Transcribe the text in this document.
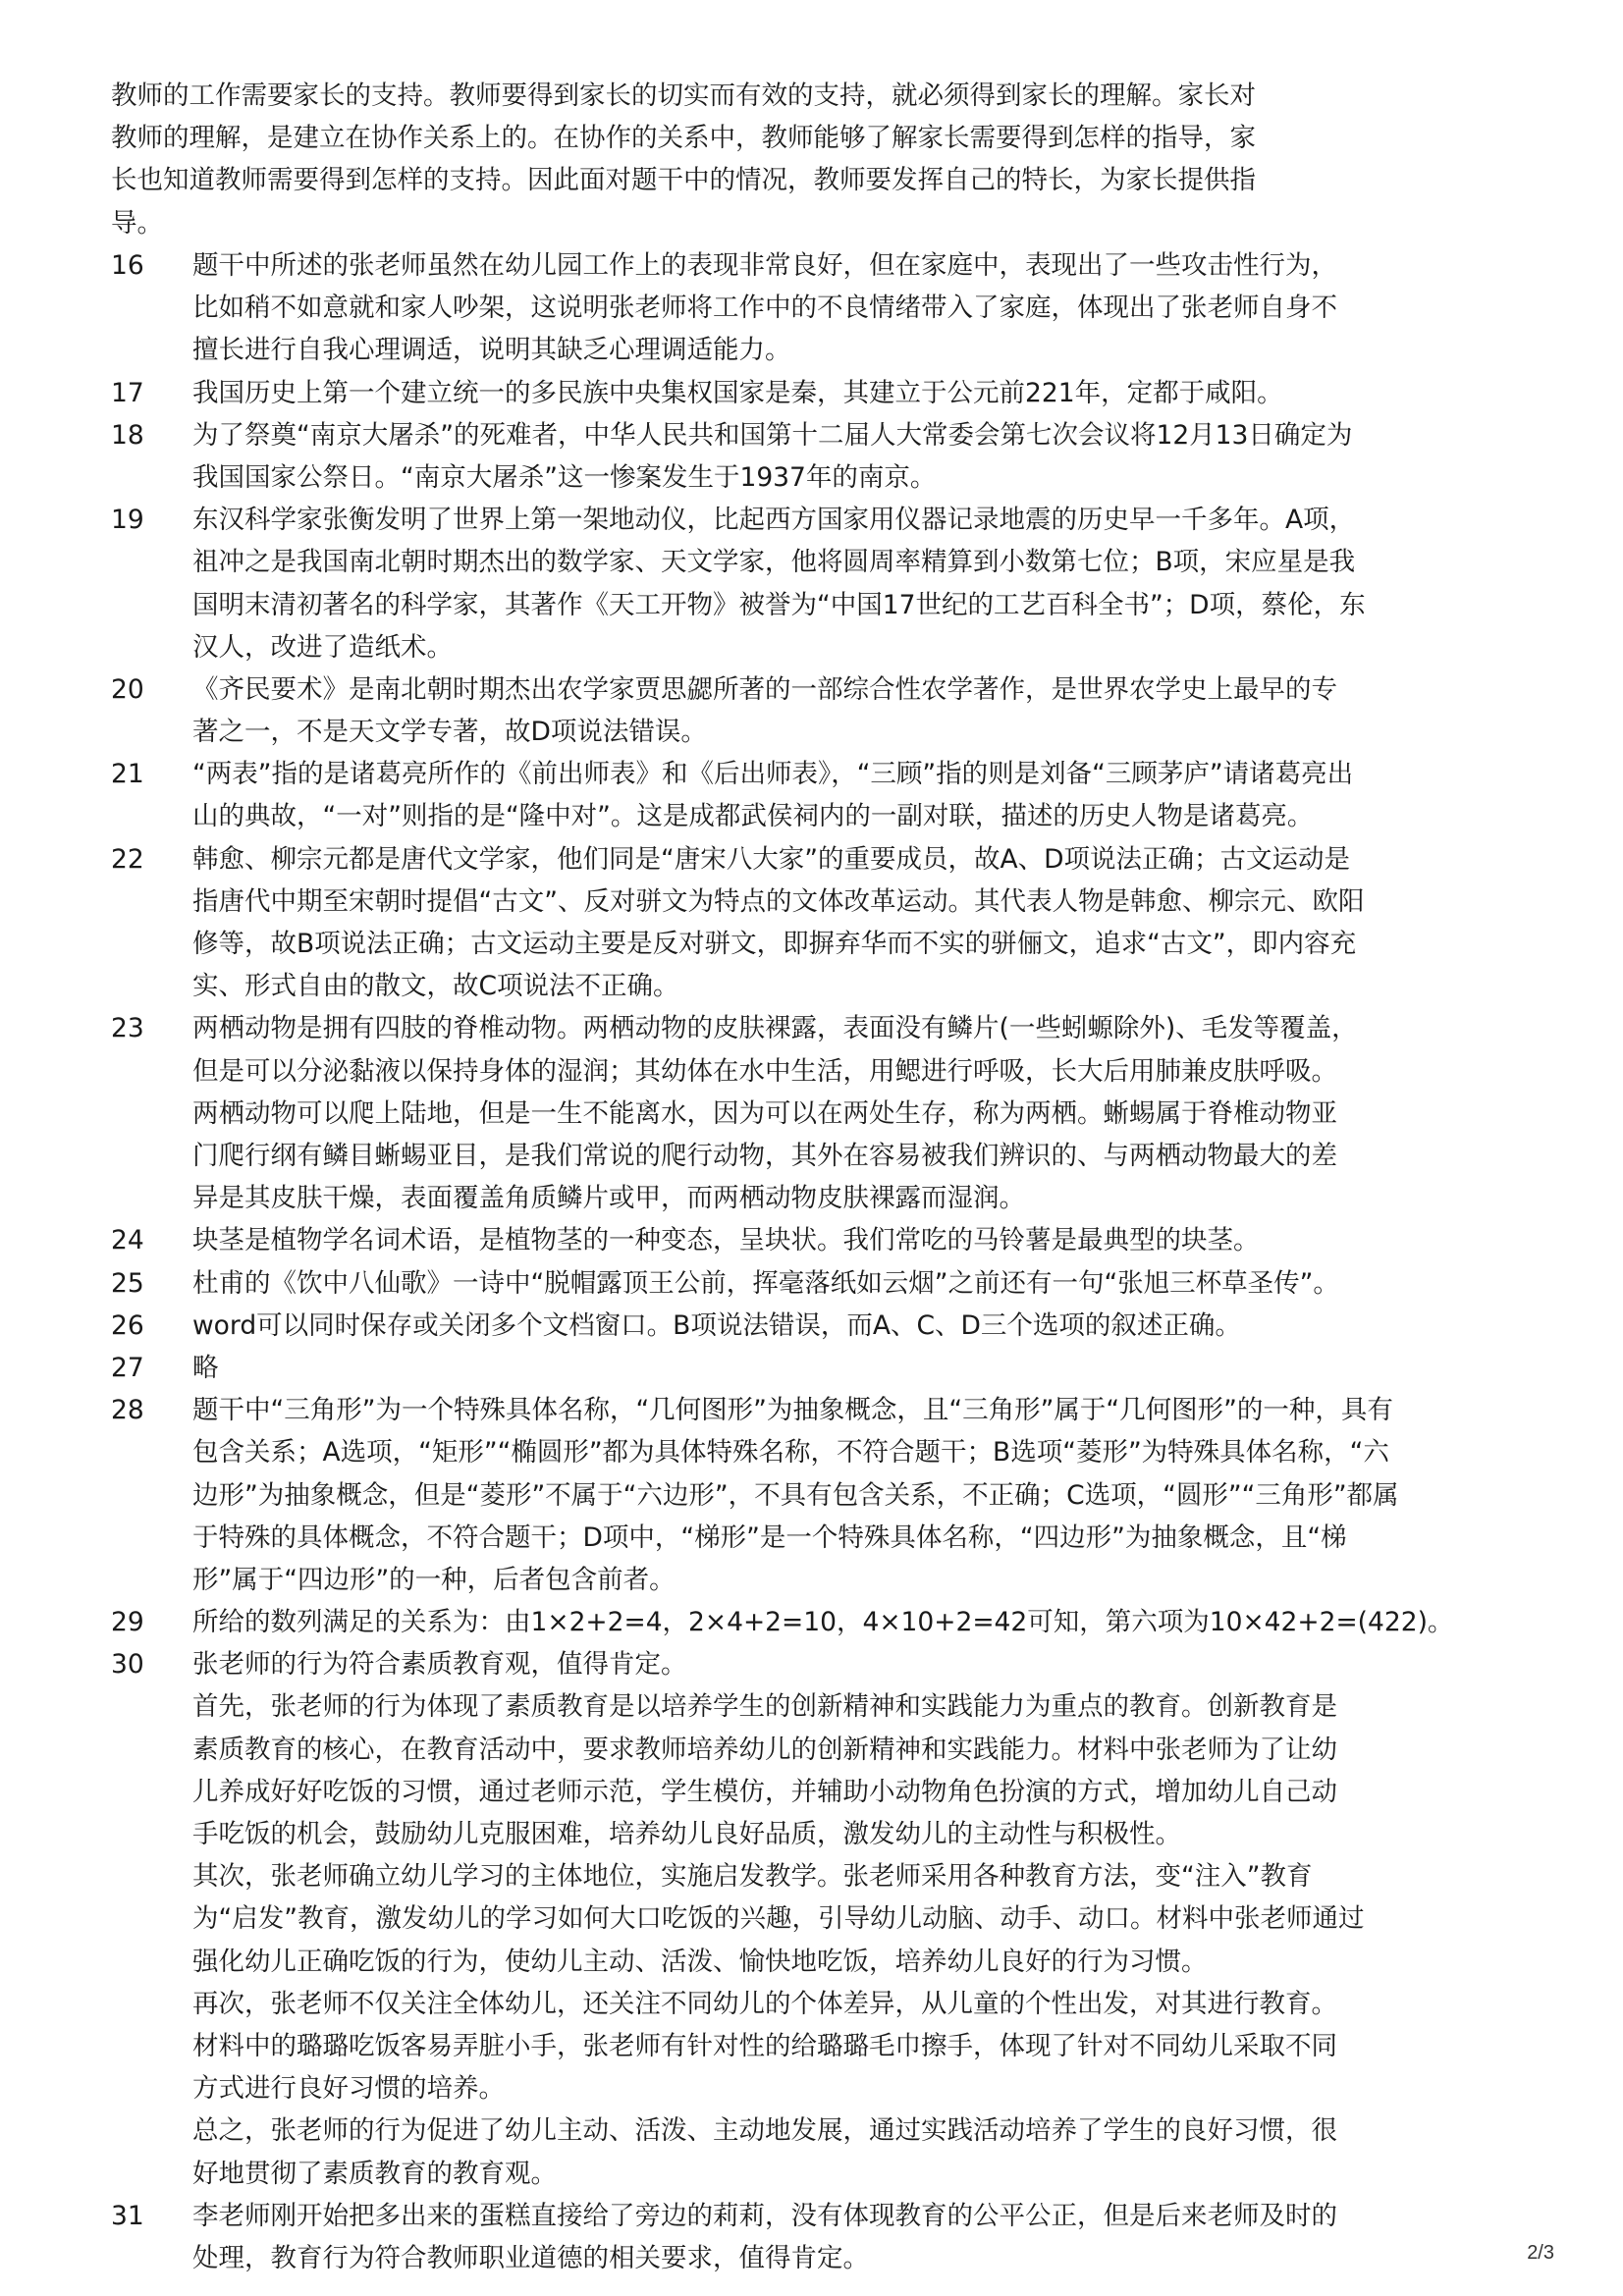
教师的工作需要家长的支持。教师要得到家长的切实而有效的支持，就必须得到家长的理解。家长对
教师的理解，是建立在协作关系上的。在协作的关系中，教师能够了解家长需要得到怎样的指导，家
长也知道教师需要得到怎样的支持。因此面对题干中的情况，教师要发挥自己的特长，为家长提供指
导。
16	题干中所述的张老师虽然在幼儿园工作上的表现非常良好，但在家庭中，表现出了一些攻击性行为，
比如稍不如意就和家人吵架，这说明张老师将工作中的不良情绪带入了家庭，体现出了张老师自身不
擅长进行自我心理调适，说明其缺乏心理调适能力。
17	我国历史上第一个建立统一的多民族中央集权国家是秦，其建立于公元前221年，定都于咸阳。
18	为了祭奠“南京大屠杀”的死难者，中华人民共和国第十二届人大常委会第七次会议将12月13日确定为
我国国家公祭日。“南京大屠杀”这一惨案发生于1937年的南京。
19	东汉科学家张衡发明了世界上第一架地动仪，比起西方国家用仪器记录地震的历史早一千多年。A项，
祖冲之是我国南北朝时期杰出的数学家、天文学家，他将圆周率精算到小数第七位；B项，宋应星是我
国明末清初著名的科学家，其著作《天工开物》被誉为“中国17世纪的工艺百科全书”；D项，蔡伦，东
汉人，改进了造纸术。
20	《齐民要术》是南北朝时期杰出农学家贾思勰所著的一部综合性农学著作，是世界农学史上最早的专
著之一，不是天文学专著，故D项说法错误。
21	“两表”指的是诸葛亮所作的《前出师表》和《后出师表》，“三顾”指的则是刘备“三顾茅庐”请诸葛亮出
山的典故，“一对”则指的是“隆中对”。这是成都武侯祠内的一副对联，描述的历史人物是诸葛亮。
22	韩愈、柳宗元都是唐代文学家，他们同是“唐宋八大家”的重要成员，故A、D项说法正确；古文运动是
指唐代中期至宋朝时提倡“古文”、反对骈文为特点的文体改革运动。其代表人物是韩愈、柳宗元、欧阳
修等，故B项说法正确；古文运动主要是反对骈文，即摒弃华而不实的骈俪文，追求“古文”，即内容充
实、形式自由的散文，故C项说法不正确。
23	两栖动物是拥有四肢的脊椎动物。两栖动物的皮肤裸露，表面没有鳞片(一些蚓螈除外)、毛发等覆盖，
但是可以分泌黏液以保持身体的湿润；其幼体在水中生活，用鳃进行呼吸，长大后用肺兼皮肤呼吸。
两栖动物可以爬上陆地，但是一生不能离水，因为可以在两处生存，称为两栖。蜥蜴属于脊椎动物亚
门爬行纲有鳞目蜥蜴亚目，是我们常说的爬行动物，其外在容易被我们辨识的、与两栖动物最大的差
异是其皮肤干燥，表面覆盖角质鳞片或甲，而两栖动物皮肤裸露而湿润。
24	块茎是植物学名词术语，是植物茎的一种变态，呈块状。我们常吃的马铃薯是最典型的块茎。
25	杜甫的《饮中八仙歌》一诗中“脱帽露顶王公前，挥毫落纸如云烟”之前还有一句“张旭三杯草圣传”。
26	word可以同时保存或关闭多个文档窗口。B项说法错误，而A、C、D三个选项的叙述正确。
27	略
28	题干中“三角形”为一个特殊具体名称，“几何图形”为抽象概念，且“三角形”属于“几何图形”的一种，具有
包含关系；A选项，“矩形”“椭圆形”都为具体特殊名称，不符合题干；B选项“菱形”为特殊具体名称，“六
边形”为抽象概念，但是“菱形”不属于“六边形”，不具有包含关系，不正确；C选项，“圆形”“三角形”都属
于特殊的具体概念，不符合题干；D项中，“梯形”是一个特殊具体名称，“四边形”为抽象概念，且“梯
形”属于“四边形”的一种，后者包含前者。
29	所给的数列满足的关系为：由1×2+2=4，2×4+2=10，4×10+2=42可知，第六项为10×42+2=(422)。
30	张老师的行为符合素质教育观，值得肯定。
首先，张老师的行为体现了素质教育是以培养学生的创新精神和实践能力为重点的教育。创新教育是
素质教育的核心，在教育活动中，要求教师培养幼儿的创新精神和实践能力。材料中张老师为了让幼
儿养成好好吃饭的习惯，通过老师示范，学生模仿，并辅助小动物角色扮演的方式，增加幼儿自己动
手吃饭的机会，鼓励幼儿克服困难，培养幼儿良好品质，激发幼儿的主动性与积极性。
其次，张老师确立幼儿学习的主体地位，实施启发教学。张老师采用各种教育方法，变“注入”教育
为“启发”教育，激发幼儿的学习如何大口吃饭的兴趣，引导幼儿动脑、动手、动口。材料中张老师通过
强化幼儿正确吃饭的行为，使幼儿主动、活泼、愉快地吃饭，培养幼儿良好的行为习惯。
再次，张老师不仅关注全体幼儿，还关注不同幼儿的个体差异，从儿童的个性出发，对其进行教育。
材料中的璐璐吃饭客易弄脏小手，张老师有针对性的给璐璐毛巾擦手，体现了针对不同幼儿采取不同
方式进行良好习惯的培养。
总之，张老师的行为促进了幼儿主动、活泼、主动地发展，通过实践活动培养了学生的良好习惯，很
好地贯彻了素质教育的教育观。
31	李老师刚开始把多出来的蛋糕直接给了旁边的莉莉，没有体现教育的公平公正，但是后来老师及时的
处理，教育行为符合教师职业道德的相关要求，值得肯定。	2/3
